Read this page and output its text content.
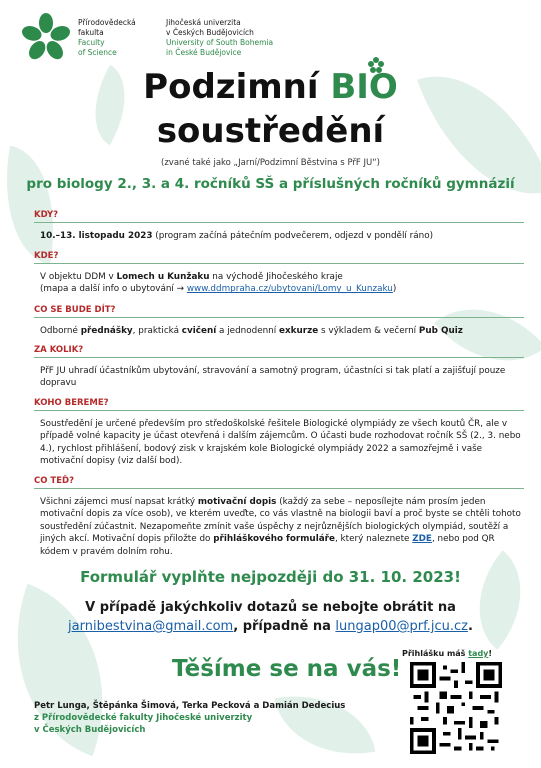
Přírodovědecká
fakulta
Faculty
of Science
Jihočeská univerzita
v Českých Budějovicích
University of South Bohemia
in České Budějovice
Podzimní BIO
soustředění
(zvané také jako „Jarní/Podzimní Běstvina s PřF JU“)
pro biology 2., 3. a 4. ročníků SŠ a příslušných ročníků gymnázií
KDY?
10.–13. listopadu 2023 (program začíná pátečním podvečerem, odjezd v pondělí ráno)
KDE?
V objektu DDM v Lomech u Kunžaku na východě Jihočeského kraje
(mapa a další info o ubytování → www.ddmpraha.cz/ubytovani/Lomy_u_Kunzaku)
CO SE BUDE DÍT?
Odborné přednášky, praktická cvičení a jednodenní exkurze s výkladem & večerní Pub Quiz
ZA KOLIK?
PřF JU uhradí účastníkům ubytování, stravování a samotný program, účastníci si tak platí a zajišťují pouze dopravu
KOHO BEREME?
Soustředění je určené především pro středoškolské řešitele Biologické olympiády ze všech koutů ČR, ale v případě volné kapacity je účast otevřená i dalším zájemcům. O účasti bude rozhodovat ročník SŠ (2., 3. nebo 4.), rychlost přihlášení, bodový zisk v krajském kole Biologické olympiády 2022 a samozřejmě i vaše motivační dopisy (viz další bod).
CO TEĎ?
Všichni zájemci musí napsat krátký motivační dopis (každý za sebe – neposílejte nám prosím jeden motivační dopis za více osob), ve kterém uveďte, co vás vlastně na biologii baví a proč byste se chtěli tohoto soustředění zúčastnit. Nezapomeňte zmínit vaše úspěchy z nejrůznějších biologických olympiád, soutěží a jiných akcí. Motivační dopis přiložte do přihláškového formuláře, který naleznete ZDE, nebo pod QR kódem v pravém dolním rohu.
Formulář vyplňte nejpozději do 31. 10. 2023!
V případě jakýchkoliv dotazů se nebojte obrátit na
jarnibestvina@gmail.com, případně na lungap00@prf.jcu.cz.
Těšíme se na vás!
Petr Lunga, Štěpánka Šimová, Terka Pecková a Damián Dedecius
z Přírodovědecké fakulty Jihočeské univerzity
v Českých Budějovicích
Přihlášku máš tady!
